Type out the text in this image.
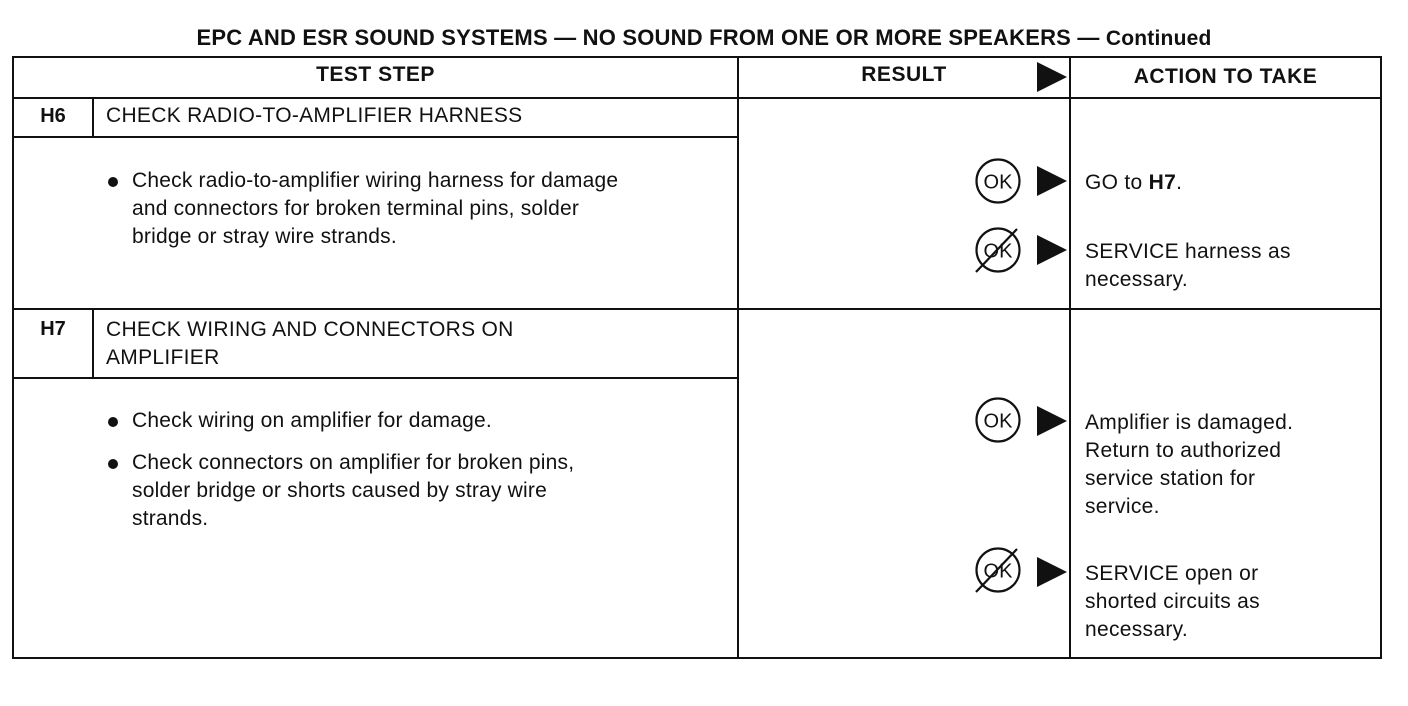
EPC AND ESR SOUND SYSTEMS — NO SOUND FROM ONE OR MORE SPEAKERS — Continued
TEST STEP	RESULT	ACTION TO TAKE
H6	CHECK RADIO-TO-AMPLIFIER HARNESS
Check radio-to-amplifier wiring harness for damage
and connectors for broken terminal pins, solder
bridge or stray wire strands.
OK	GO to H7.
OK	SERVICE harness as
necessary.
H7	CHECK WIRING AND CONNECTORS ON
AMPLIFIER
Check wiring on amplifier for damage.
Check connectors on amplifier for broken pins,
solder bridge or shorts caused by stray wire
strands.
OK	Amplifier is damaged.
Return to authorized
service station for
service.
OK	SERVICE open or
shorted circuits as
necessary.
